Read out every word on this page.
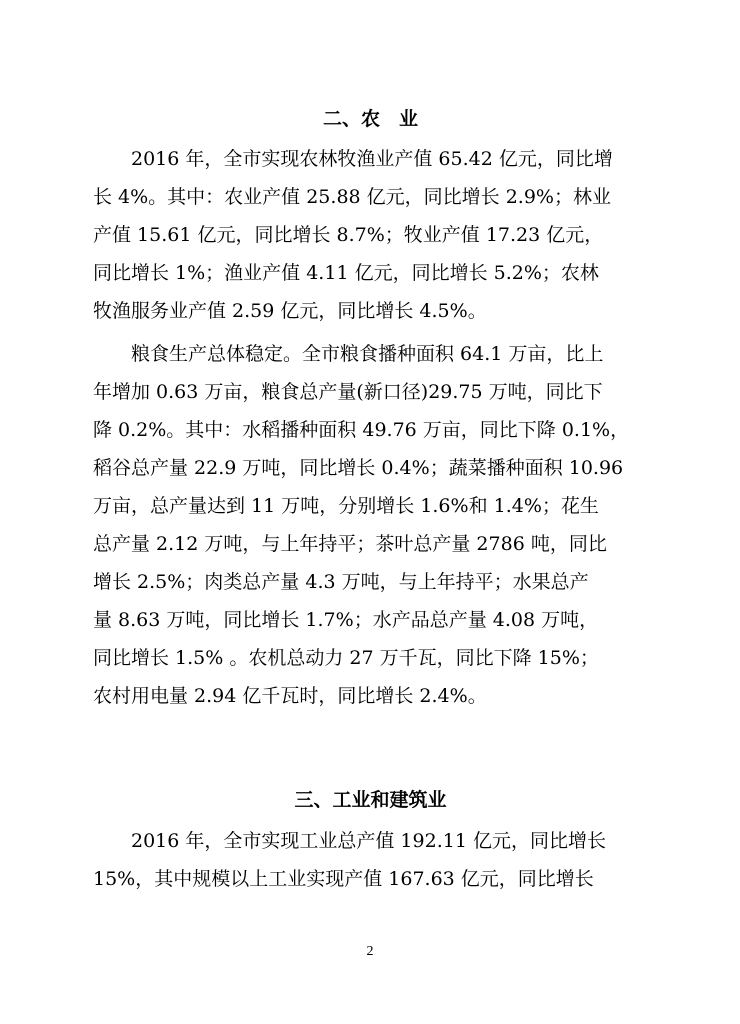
二、农　业
2016 年，全市实现农林牧渔业产值 65.42 亿元，同比增
长 4%。其中：农业产值 25.88 亿元，同比增长 2.9%；林业
产值 15.61 亿元，同比增长 8.7%；牧业产值 17.23 亿元，
同比增长 1%；渔业产值 4.11 亿元，同比增长 5.2%；农林
牧渔服务业产值 2.59 亿元，同比增长 4.5%。
粮食生产总体稳定。全市粮食播种面积 64.1 万亩，比上
年增加 0.63 万亩，粮食总产量(新口径)29.75 万吨，同比下
降 0.2%。其中：水稻播种面积 49.76 万亩，同比下降 0.1%，
稻谷总产量 22.9 万吨，同比增长 0.4%；蔬菜播种面积 10.96
万亩，总产量达到 11 万吨，分别增长 1.6%和 1.4%；花生
总产量 2.12 万吨，与上年持平；茶叶总产量 2786 吨，同比
增长 2.5%；肉类总产量 4.3 万吨，与上年持平；水果总产
量 8.63 万吨，同比增长 1.7%；水产品总产量 4.08 万吨，
同比增长 1.5% 。农机总动力 27 万千瓦，同比下降 15%；
农村用电量 2.94 亿千瓦时，同比增长 2.4%。
三、工业和建筑业
2016 年，全市实现工业总产值 192.11 亿元，同比增长
15%，其中规模以上工业实现产值 167.63 亿元，同比增长
2
